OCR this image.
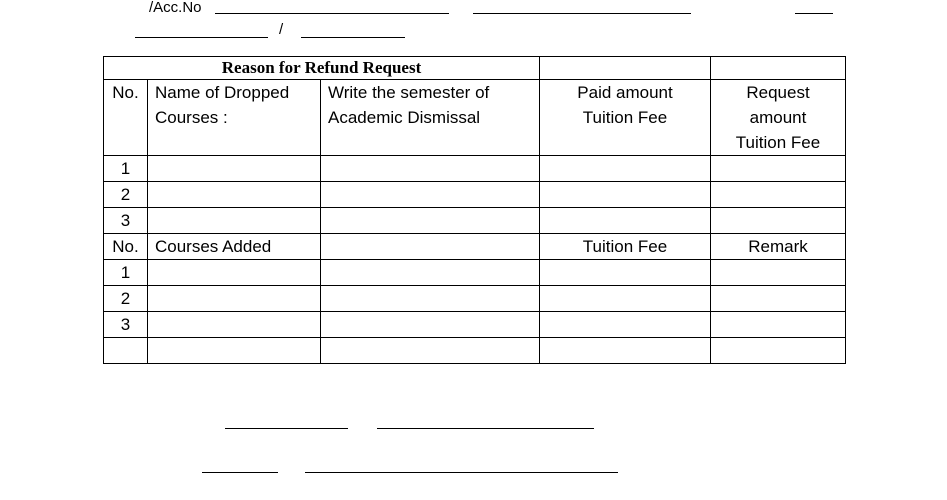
/Acc.No
/
Reason for Refund Request				
No.	Name of Dropped Courses :	Write the semester of Academic Dismissal	Paid amount Tuition Fee	Request amount Tuition Fee
1				
2				
3				
No.	Courses Added		Tuition Fee	Remark
1				
2				
3				
